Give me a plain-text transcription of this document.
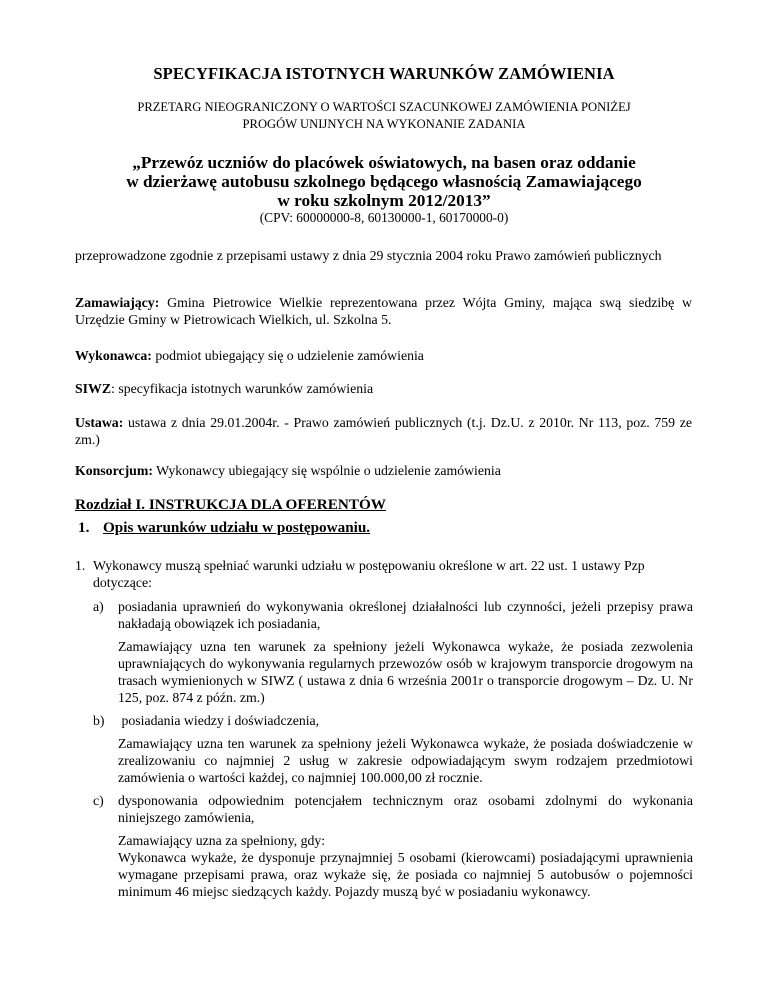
SPECYFIKACJA ISTOTNYCH WARUNKÓW ZAMÓWIENIA
PRZETARG NIEOGRANICZONY O WARTOŚCI SZACUNKOWEJ ZAMÓWIENIA PONIŻEJ
PROGÓW UNIJNYCH NA WYKONANIE ZADANIA
„Przewóz uczniów do placówek oświatowych, na basen oraz oddanie
w dzierżawę autobusu szkolnego będącego własnością Zamawiającego
w roku szkolnym 2012/2013”
(CPV: 60000000-8, 60130000-1, 60170000-0)
przeprowadzone zgodnie z przepisami ustawy z dnia 29 stycznia 2004 roku Prawo zamówień publicznych
Zamawiający: Gmina Pietrowice Wielkie reprezentowana przez Wójta Gminy, mająca swą siedzibę w Urzędzie Gminy w Pietrowicach Wielkich, ul. Szkolna 5.
Wykonawca: podmiot ubiegający się o udzielenie zamówienia
SIWZ: specyfikacja istotnych warunków zamówienia
Ustawa: ustawa z dnia 29.01.2004r. - Prawo zamówień publicznych (t.j. Dz.U. z 2010r. Nr 113, poz. 759 ze zm.)
Konsorcjum: Wykonawcy ubiegający się wspólnie o udzielenie zamówienia
Rozdział I. INSTRUKCJA DLA OFERENTÓW
1. Opis warunków udziału w postępowaniu.
1. Wykonawcy muszą spełniać warunki udziału w postępowaniu określone w art. 22 ust. 1 ustawy Pzp dotyczące:
a) posiadania uprawnień do wykonywania określonej działalności lub czynności, jeżeli przepisy prawa nakładają obowiązek ich posiadania,
Zamawiający uzna ten warunek za spełniony jeżeli Wykonawca wykaże, że posiada zezwolenia uprawniających do wykonywania regularnych przewozów osób w krajowym transporcie drogowym na trasach wymienionych w SIWZ ( ustawa z dnia 6 września 2001r o transporcie drogowym – Dz. U. Nr 125, poz. 874 z późn. zm.)
b) posiadania wiedzy i doświadczenia,
Zamawiający uzna ten warunek za spełniony jeżeli Wykonawca wykaże, że posiada doświadczenie w zrealizowaniu co najmniej 2 usług w zakresie odpowiadającym swym rodzajem przedmiotowi zamówienia o wartości każdej, co najmniej 100.000,00 zł rocznie.
c) dysponowania odpowiednim potencjałem technicznym oraz osobami zdolnymi do wykonania niniejszego zamówienia,
Zamawiający uzna za spełniony, gdy:
Wykonawca wykaże, że dysponuje przynajmniej 5 osobami (kierowcami) posiadającymi uprawnienia wymagane przepisami prawa, oraz wykaże się, że posiada co najmniej 5 autobusów o pojemności minimum 46 miejsc siedzących każdy. Pojazdy muszą być w posiadaniu wykonawcy.
